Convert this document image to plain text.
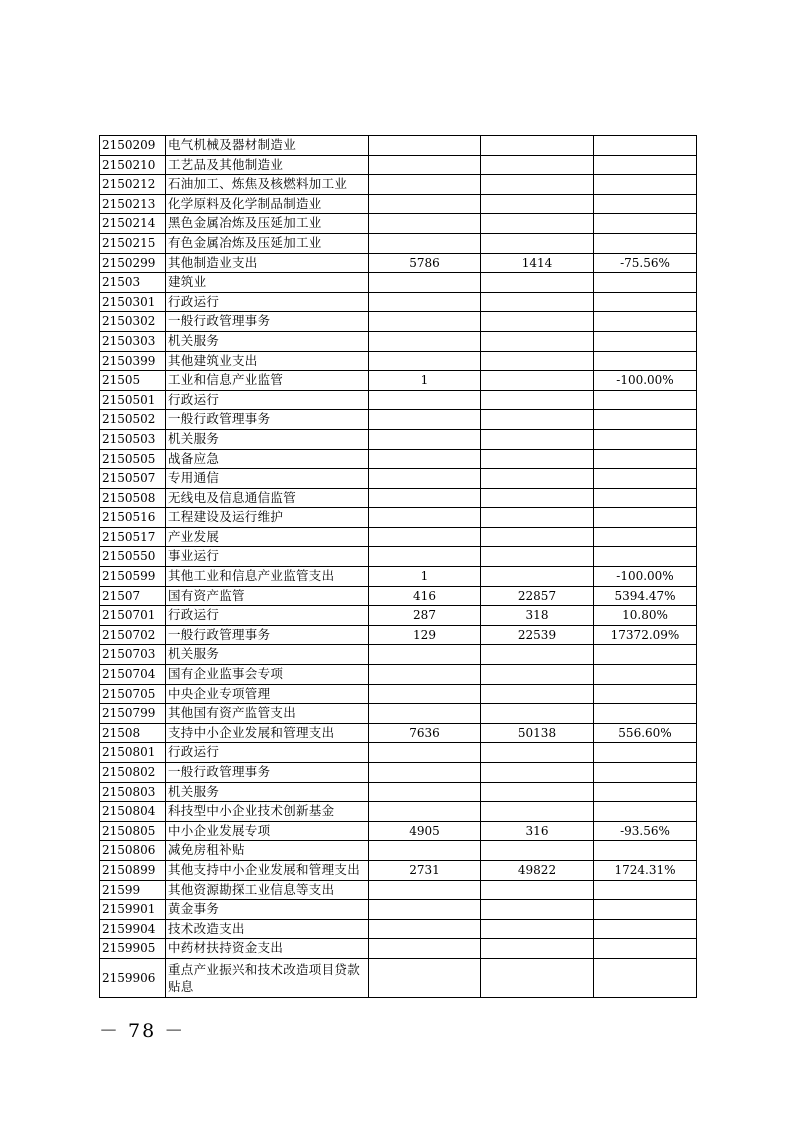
2150209	电气机械及器材制造业			
2150210	工艺品及其他制造业			
2150212	石油加工、炼焦及核燃料加工业			
2150213	化学原料及化学制品制造业			
2150214	黑色金属冶炼及压延加工业			
2150215	有色金属冶炼及压延加工业			
2150299	其他制造业支出	5786	1414	-75.56%
21503	建筑业			
2150301	行政运行			
2150302	一般行政管理事务			
2150303	机关服务			
2150399	其他建筑业支出			
21505	工业和信息产业监管	1		-100.00%
2150501	行政运行			
2150502	一般行政管理事务			
2150503	机关服务			
2150505	战备应急			
2150507	专用通信			
2150508	无线电及信息通信监管			
2150516	工程建设及运行维护			
2150517	产业发展			
2150550	事业运行			
2150599	其他工业和信息产业监管支出	1		-100.00%
21507	国有资产监管	416	22857	5394.47%
2150701	行政运行	287	318	10.80%
2150702	一般行政管理事务	129	22539	17372.09%
2150703	机关服务			
2150704	国有企业监事会专项			
2150705	中央企业专项管理			
2150799	其他国有资产监管支出			
21508	支持中小企业发展和管理支出	7636	50138	556.60%
2150801	行政运行			
2150802	一般行政管理事务			
2150803	机关服务			
2150804	科技型中小企业技术创新基金			
2150805	中小企业发展专项	4905	316	-93.56%
2150806	减免房租补贴			
2150899	其他支持中小企业发展和管理支出	2731	49822	1724.31%
21599	其他资源勘探工业信息等支出			
2159901	黄金事务			
2159904	技术改造支出			
2159905	中药材扶持资金支出			
2159906	重点产业振兴和技术改造项目贷款贴息			
－ 78 －
